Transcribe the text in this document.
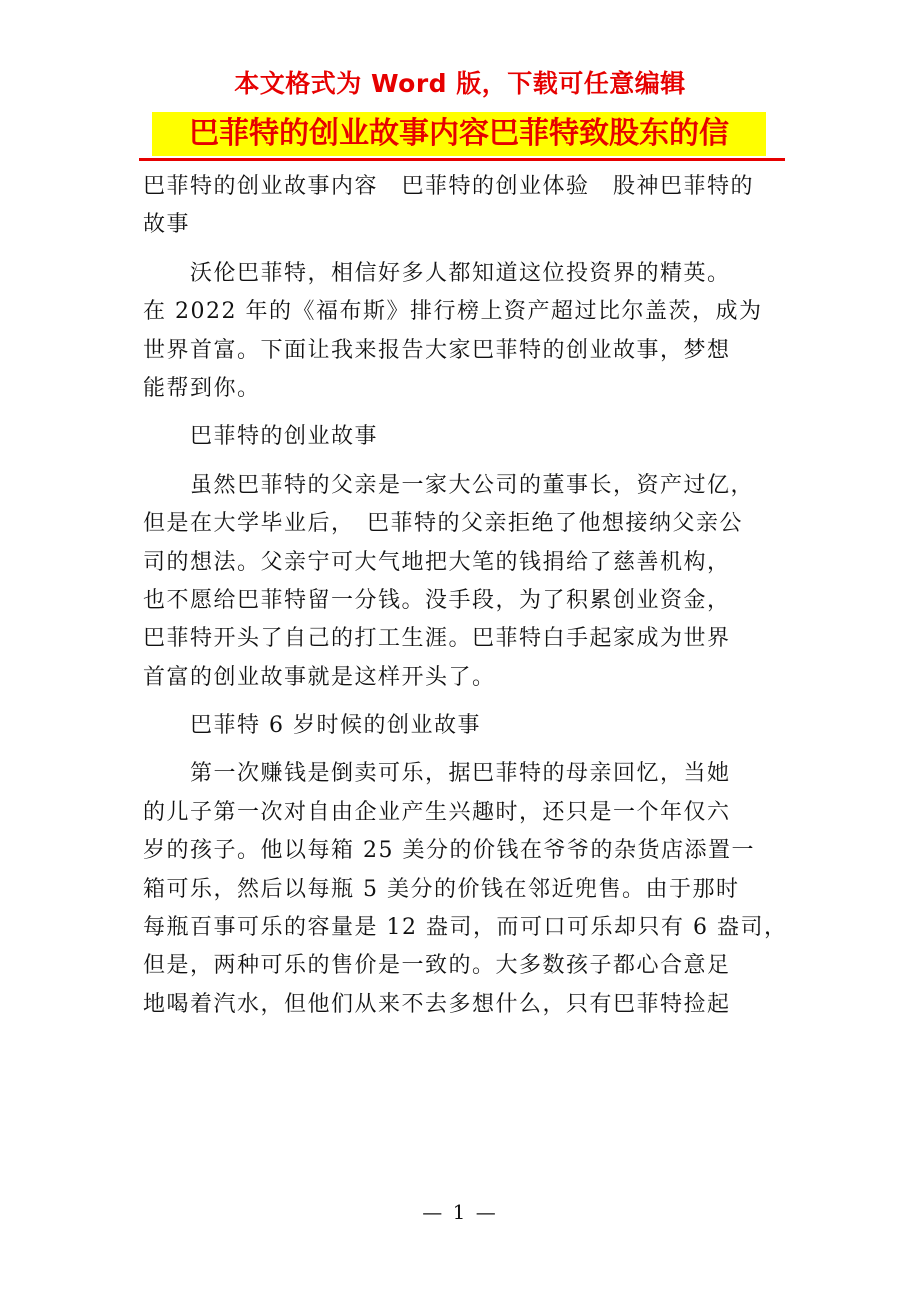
本文格式为 Word 版，下载可任意编辑
巴菲特的创业故事内容巴菲特致股东的信
巴菲特的创业故事内容　巴菲特的创业体验　股神巴菲特的
故事
　　沃伦巴菲特，相信好多人都知道这位投资界的精英。
在 2022 年的《福布斯》排行榜上资产超过比尔盖茨，成为
世界首富。下面让我来报告大家巴菲特的创业故事，梦想
能帮到你。
　　巴菲特的创业故事
　　虽然巴菲特的父亲是一家大公司的董事长，资产过亿，
但是在大学毕业后，　巴菲特的父亲拒绝了他想接纳父亲公
司的想法。父亲宁可大气地把大笔的钱捐给了慈善机构，
也不愿给巴菲特留一分钱。没手段，为了积累创业资金，
巴菲特开头了自己的打工生涯。巴菲特白手起家成为世界
首富的创业故事就是这样开头了。
　　巴菲特 6 岁时候的创业故事
　　第一次赚钱是倒卖可乐，据巴菲特的母亲回忆，当她
的儿子第一次对自由企业产生兴趣时，还只是一个年仅六
岁的孩子。他以每箱 25 美分的价钱在爷爷的杂货店添置一
箱可乐，然后以每瓶 5 美分的价钱在邻近兜售。由于那时
每瓶百事可乐的容量是 12 盎司，而可口可乐却只有 6 盎司，
但是，两种可乐的售价是一致的。大多数孩子都心合意足
地喝着汽水，但他们从来不去多想什么，只有巴菲特捡起
— 1 —
